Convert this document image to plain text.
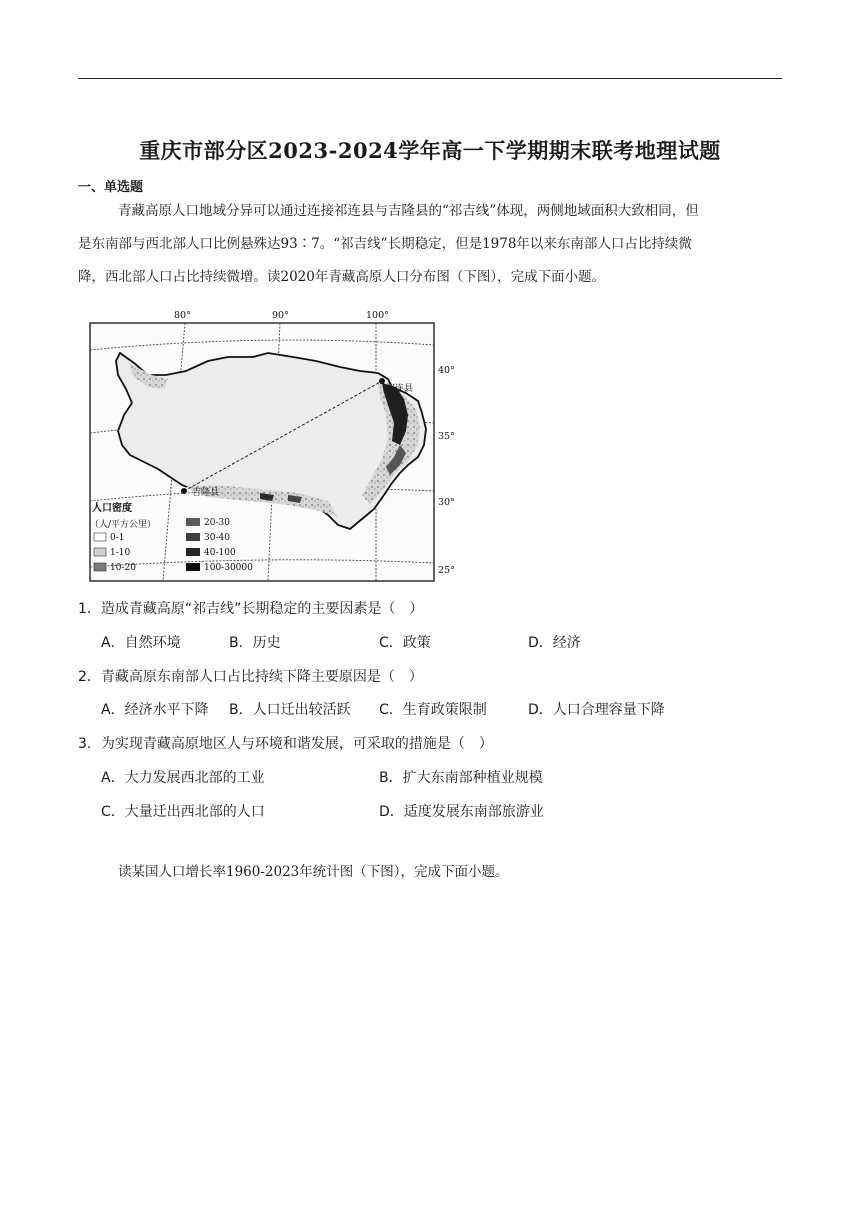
重庆市部分区2023-2024学年高一下学期期末联考地理试题
一、单选题
青藏高原人口地域分异可以通过连接祁连县与吉隆县的“祁吉线”体现，两侧地域面积大致相同，但
是东南部与西北部人口比例悬殊达93∶7。“祁吉线”长期稳定，但是1978年以来东南部人口占比持续微
降，西北部人口占比持续微增。读2020年青藏高原人口分布图（下图），完成下面小题。
祁连县
吉隆县
80°	90°	100°
40°
35°
30°
25°
人口密度
（人/平方公里）
0-1
1-10
10-20
20-30
30-40
40-100
100-30000
1．造成青藏高原“祁吉线”长期稳定的主要因素是（　）
A．自然环境	B．历史	C．政策	D．经济
2．青藏高原东南部人口占比持续下降主要原因是（　）
A．经济水平下降 B．人口迁出较活跃 C．生育政策限制	D．人口合理容量下降
3．为实现青藏高原地区人与环境和谐发展，可采取的措施是（　）
A．大力发展西北部的工业	B．扩大东南部种植业规模
C．大量迁出西北部的人口	D．适度发展东南部旅游业
读某国人口增长率1960-2023年统计图（下图），完成下面小题。
